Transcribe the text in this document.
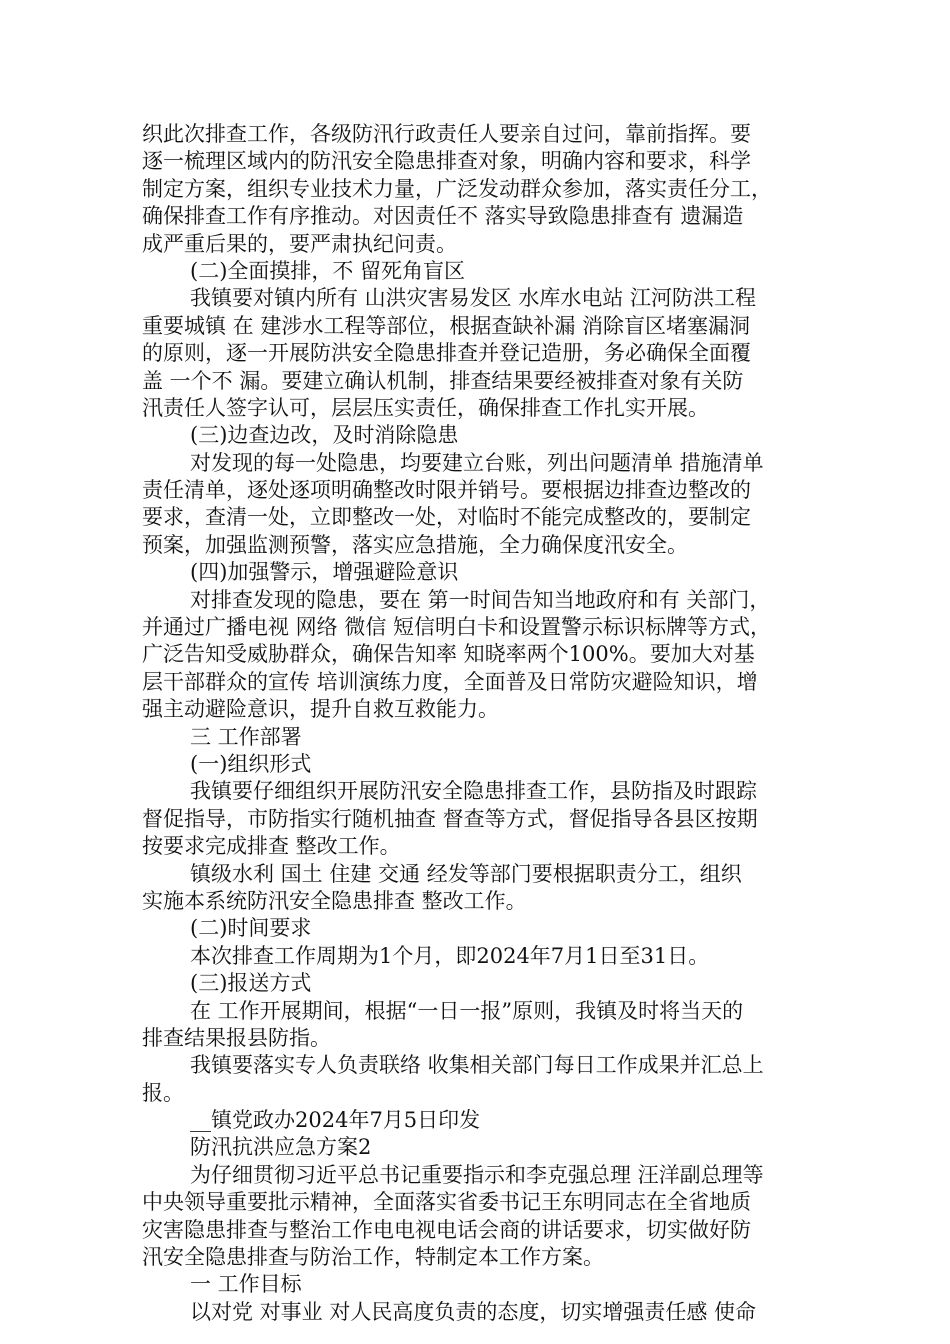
织此次排查工作，各级防汛行政责任人要亲自过问，靠前指挥。要
逐一梳理区域内的防汛安全隐患排查对象，明确内容和要求，科学
制定方案，组织专业技术力量，广泛发动群众参加，落实责任分工，
确保排查工作有序推动。对因责任不 落实导致隐患排查有 遗漏造
成严重后果的，要严肃执纪问责。
(二)全面摸排，不 留死角盲区
我镇要对镇内所有 山洪灾害易发区 水库水电站 江河防洪工程
重要城镇 在 建涉水工程等部位，根据查缺补漏 消除盲区堵塞漏洞
的原则，逐一开展防洪安全隐患排查并登记造册，务必确保全面覆
盖 一个不 漏。要建立确认机制，排查结果要经被排查对象有关防
汛责任人签字认可，层层压实责任，确保排查工作扎实开展。
(三)边查边改，及时消除隐患
对发现的每一处隐患，均要建立台账，列出问题清单 措施清单
责任清单，逐处逐项明确整改时限并销号。要根据边排查边整改的
要求，查清一处，立即整改一处，对临时不能完成整改的，要制定
预案，加强监测预警，落实应急措施，全力确保度汛安全。
(四)加强警示，增强避险意识
对排查发现的隐患，要在 第一时间告知当地政府和有 关部门，
并通过广播电视 网络 微信 短信明白卡和设置警示标识标牌等方式，
广泛告知受威胁群众，确保告知率 知晓率两个100%。要加大对基
层干部群众的宣传 培训演练力度，全面普及日常防灾避险知识，增
强主动避险意识，提升自救互救能力。
三 工作部署
(一)组织形式
我镇要仔细组织开展防汛安全隐患排查工作，县防指及时跟踪
督促指导，市防指实行随机抽查 督查等方式，督促指导各县区按期
按要求完成排查 整改工作。
镇级水利 国土 住建 交通 经发等部门要根据职责分工，组织
实施本系统防汛安全隐患排查 整改工作。
(二)时间要求
本次排查工作周期为1个月，即2024年7月1日至31日。
(三)报送方式
在 工作开展期间，根据“一日一报”原则，我镇及时将当天的
排查结果报县防指。
我镇要落实专人负责联络 收集相关部门每日工作成果并汇总上
报。
__镇党政办2024年7月5日印发
防汛抗洪应急方案2
为仔细贯彻习近平总书记重要指示和李克强总理 汪洋副总理等
中央领导重要批示精神，全面落实省委书记王东明同志在全省地质
灾害隐患排查与整治工作电电视电话会商的讲话要求，切实做好防
汛安全隐患排查与防治工作，特制定本工作方案。
一 工作目标
以对党 对事业 对人民高度负责的态度，切实增强责任感 使命
